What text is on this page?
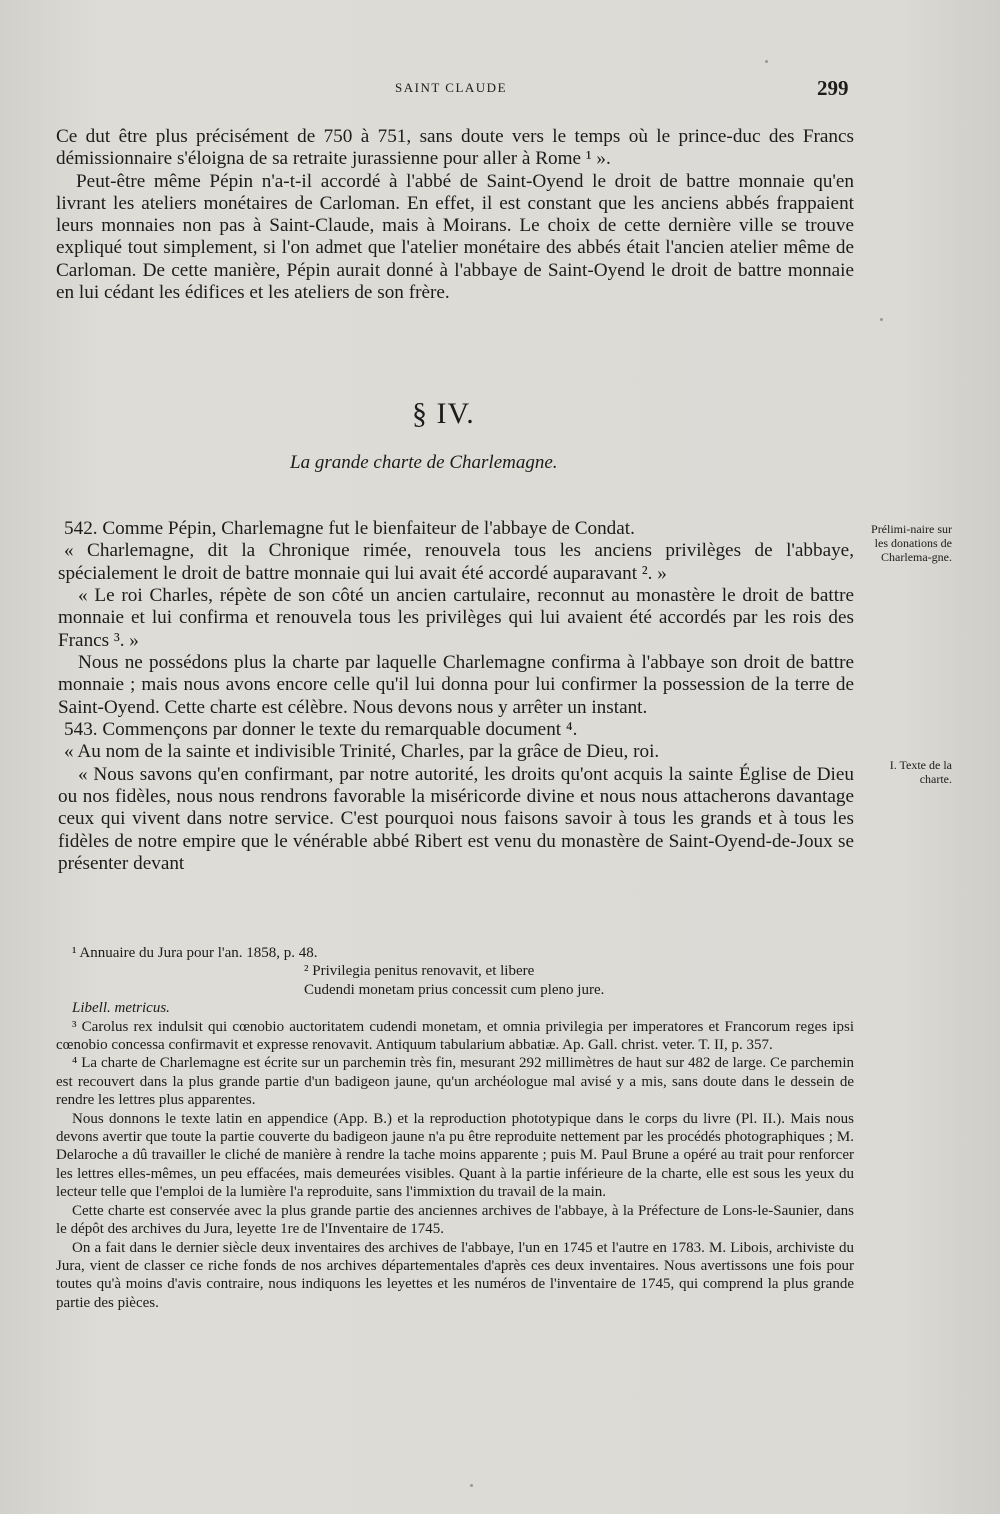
SAINT CLAUDE	299

Ce dut être plus précisément de 750 à 751, sans doute vers le temps où le prince-duc des Francs démissionnaire s'éloigna de sa retraite jurassienne pour aller à Rome ¹ ».

Peut-être même Pépin n'a-t-il accordé à l'abbé de Saint-Oyend le droit de battre monnaie qu'en livrant les ateliers monétaires de Carloman. En effet, il est constant que les anciens abbés frappaient leurs monnaies non pas à Saint-Claude, mais à Moirans. Le choix de cette dernière ville se trouve expliqué tout simplement, si l'on admet que l'atelier monétaire des abbés était l'ancien atelier même de Carloman. De cette manière, Pépin aurait donné à l'abbaye de Saint-Oyend le droit de battre monnaie en lui cédant les édifices et les ateliers de son frère.

§ IV.
La grande charte de Charlemagne.

542. Comme Pépin, Charlemagne fut le bienfaiteur de l'abbaye de Condat.

« Charlemagne, dit la Chronique rimée, renouvela tous les anciens privilèges de l'abbaye, spécialement le droit de battre monnaie qui lui avait été accordé auparavant ². »

« Le roi Charles, répète de son côté un ancien cartulaire, reconnut au monastère le droit de battre monnaie et lui confirma et renouvela tous les privilèges qui lui avaient été accordés par les rois des Francs ³. »

Nous ne possédons plus la charte par laquelle Charlemagne confirma à l'abbaye son droit de battre monnaie ; mais nous avons encore celle qu'il lui donna pour lui confirmer la possession de la terre de Saint-Oyend. Cette charte est célèbre. Nous devons nous y arrêter un instant.

543. Commençons par donner le texte du remarquable document ⁴.

« Au nom de la sainte et indivisible Trinité, Charles, par la grâce de Dieu, roi.

« Nous savons qu'en confirmant, par notre autorité, les droits qu'ont acquis la sainte Église de Dieu ou nos fidèles, nous nous rendrons favorable la miséricorde divine et nous nous attacherons davantage ceux qui vivent dans notre service. C'est pourquoi nous faisons savoir à tous les grands et à tous les fidèles de notre empire que le vénérable abbé Ribert est venu du monastère de Saint-Oyend-de-Joux se présenter devant

Prélimi-naire sur les donations de Charlema-gne.
I. Texte de la charte.

¹ Annuaire du Jura pour l'an. 1858, p. 48.

² Privilegia penitus renovavit, et libere

Cudendi monetam prius concessit cum pleno jure.

Libell. metricus.

³ Carolus rex indulsit qui cœnobio auctoritatem cudendi monetam, et omnia privilegia per imperatores et Francorum reges ipsi cœnobio concessa confirmavit et expresse renovavit. Antiquum tabularium abbatiæ. Ap. Gall. christ. veter. T. II, p. 357.

⁴ La charte de Charlemagne est écrite sur un parchemin très fin, mesurant 292 millimètres de haut sur 482 de large. Ce parchemin est recouvert dans la plus grande partie d'un badigeon jaune, qu'un archéologue mal avisé y a mis, sans doute dans le dessein de rendre les lettres plus apparentes.

Nous donnons le texte latin en appendice (App. B.) et la reproduction phototypique dans le corps du livre (Pl. II.). Mais nous devons avertir que toute la partie couverte du badigeon jaune n'a pu être reproduite nettement par les procédés photographiques ; M. Delaroche a dû travailler le cliché de manière à rendre la tache moins apparente ; puis M. Paul Brune a opéré au trait pour renforcer les lettres elles-mêmes, un peu effacées, mais demeurées visibles. Quant à la partie inférieure de la charte, elle est sous les yeux du lecteur telle que l'emploi de la lumière l'a reproduite, sans l'immixtion du travail de la main.

Cette charte est conservée avec la plus grande partie des anciennes archives de l'abbaye, à la Préfecture de Lons-le-Saunier, dans le dépôt des archives du Jura, leyette 1re de l'Inventaire de 1745.

On a fait dans le dernier siècle deux inventaires des archives de l'abbaye, l'un en 1745 et l'autre en 1783. M. Libois, archiviste du Jura, vient de classer ce riche fonds de nos archives départementales d'après ces deux inventaires. Nous avertissons une fois pour toutes qu'à moins d'avis contraire, nous indiquons les leyettes et les numéros de l'inventaire de 1745, qui comprend la plus grande partie des pièces.
